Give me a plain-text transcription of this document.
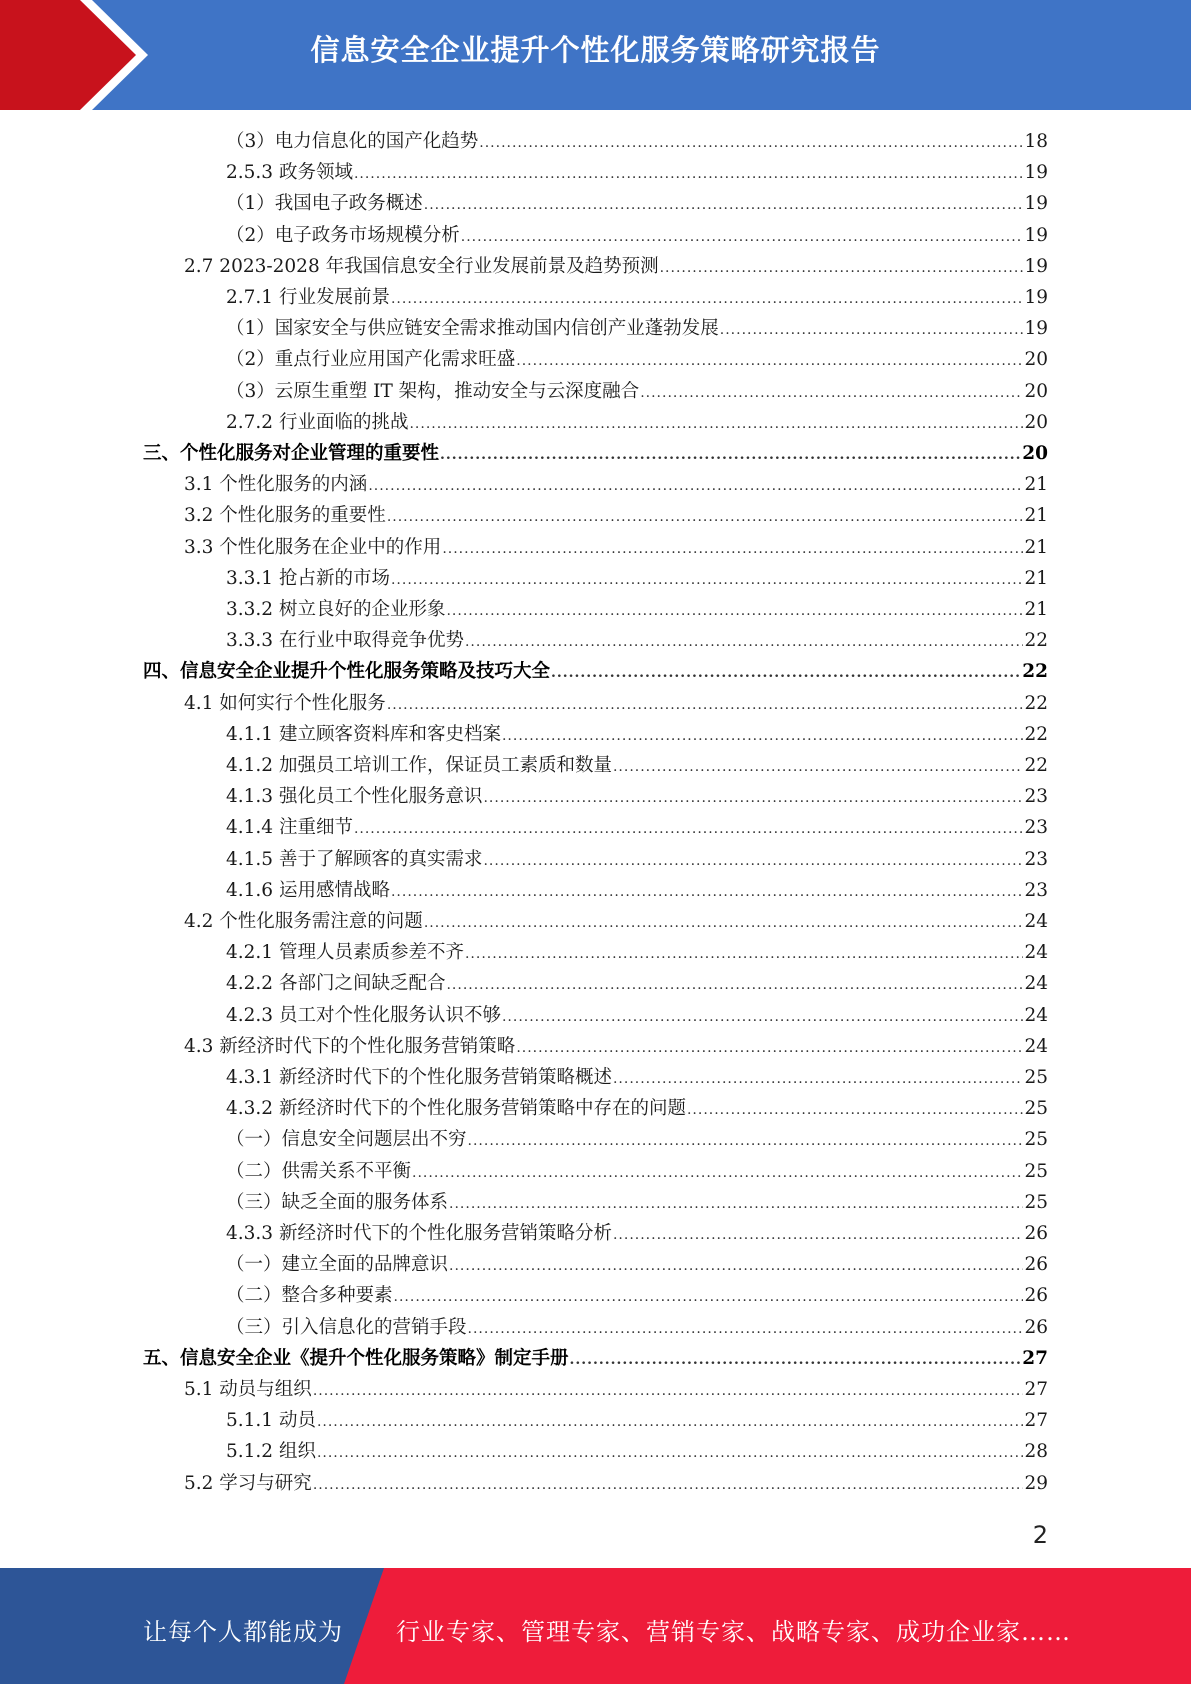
信息安全企业提升个性化服务策略研究报告
（3）电力信息化的国产化趋势 .....	18
2.5.3 政务领域 .....	19
（1）我国电子政务概述 .....	19
（2）电子政务市场规模分析 .....	19
2.7 2023-2028 年我国信息安全行业发展前景及趋势预测 .....	19
2.7.1 行业发展前景 .....	19
（1）国家安全与供应链安全需求推动国内信创产业蓬勃发展 .....	19
（2）重点行业应用国产化需求旺盛 .....	20
（3）云原生重塑 IT 架构，推动安全与云深度融合 .....	20
2.7.2 行业面临的挑战 .....	20
三、个性化服务对企业管理的重要性 .....	20
3.1 个性化服务的内涵 .....	21
3.2 个性化服务的重要性 .....	21
3.3 个性化服务在企业中的作用 .....	21
3.3.1 抢占新的市场 .....	21
3.3.2 树立良好的企业形象 .....	21
3.3.3 在行业中取得竞争优势 .....	22
四、信息安全企业提升个性化服务策略及技巧大全 .....	22
4.1 如何实行个性化服务 .....	22
4.1.1 建立顾客资料库和客史档案 .....	22
4.1.2 加强员工培训工作，保证员工素质和数量 .....	22
4.1.3 强化员工个性化服务意识 .....	23
4.1.4 注重细节 .....	23
4.1.5 善于了解顾客的真实需求 .....	23
4.1.6 运用感情战略 .....	23
4.2 个性化服务需注意的问题 .....	24
4.2.1 管理人员素质参差不齐 .....	24
4.2.2 各部门之间缺乏配合 .....	24
4.2.3 员工对个性化服务认识不够 .....	24
4.3 新经济时代下的个性化服务营销策略 .....	24
4.3.1 新经济时代下的个性化服务营销策略概述 .....	25
4.3.2 新经济时代下的个性化服务营销策略中存在的问题 .....	25
（一）信息安全问题层出不穷 .....	25
（二）供需关系不平衡 .....	25
（三）缺乏全面的服务体系 .....	25
4.3.3 新经济时代下的个性化服务营销策略分析 .....	26
（一）建立全面的品牌意识 .....	26
（二）整合多种要素 .....	26
（三）引入信息化的营销手段 .....	26
五、信息安全企业《提升个性化服务策略》制定手册 .....	27
5.1 动员与组织 .....	27
5.1.1 动员 .....	27
5.1.2 组织 .....	28
5.2 学习与研究 .....	29
2
让每个人都能成为 行业专家、管理专家、营销专家、战略专家、成功企业家……
